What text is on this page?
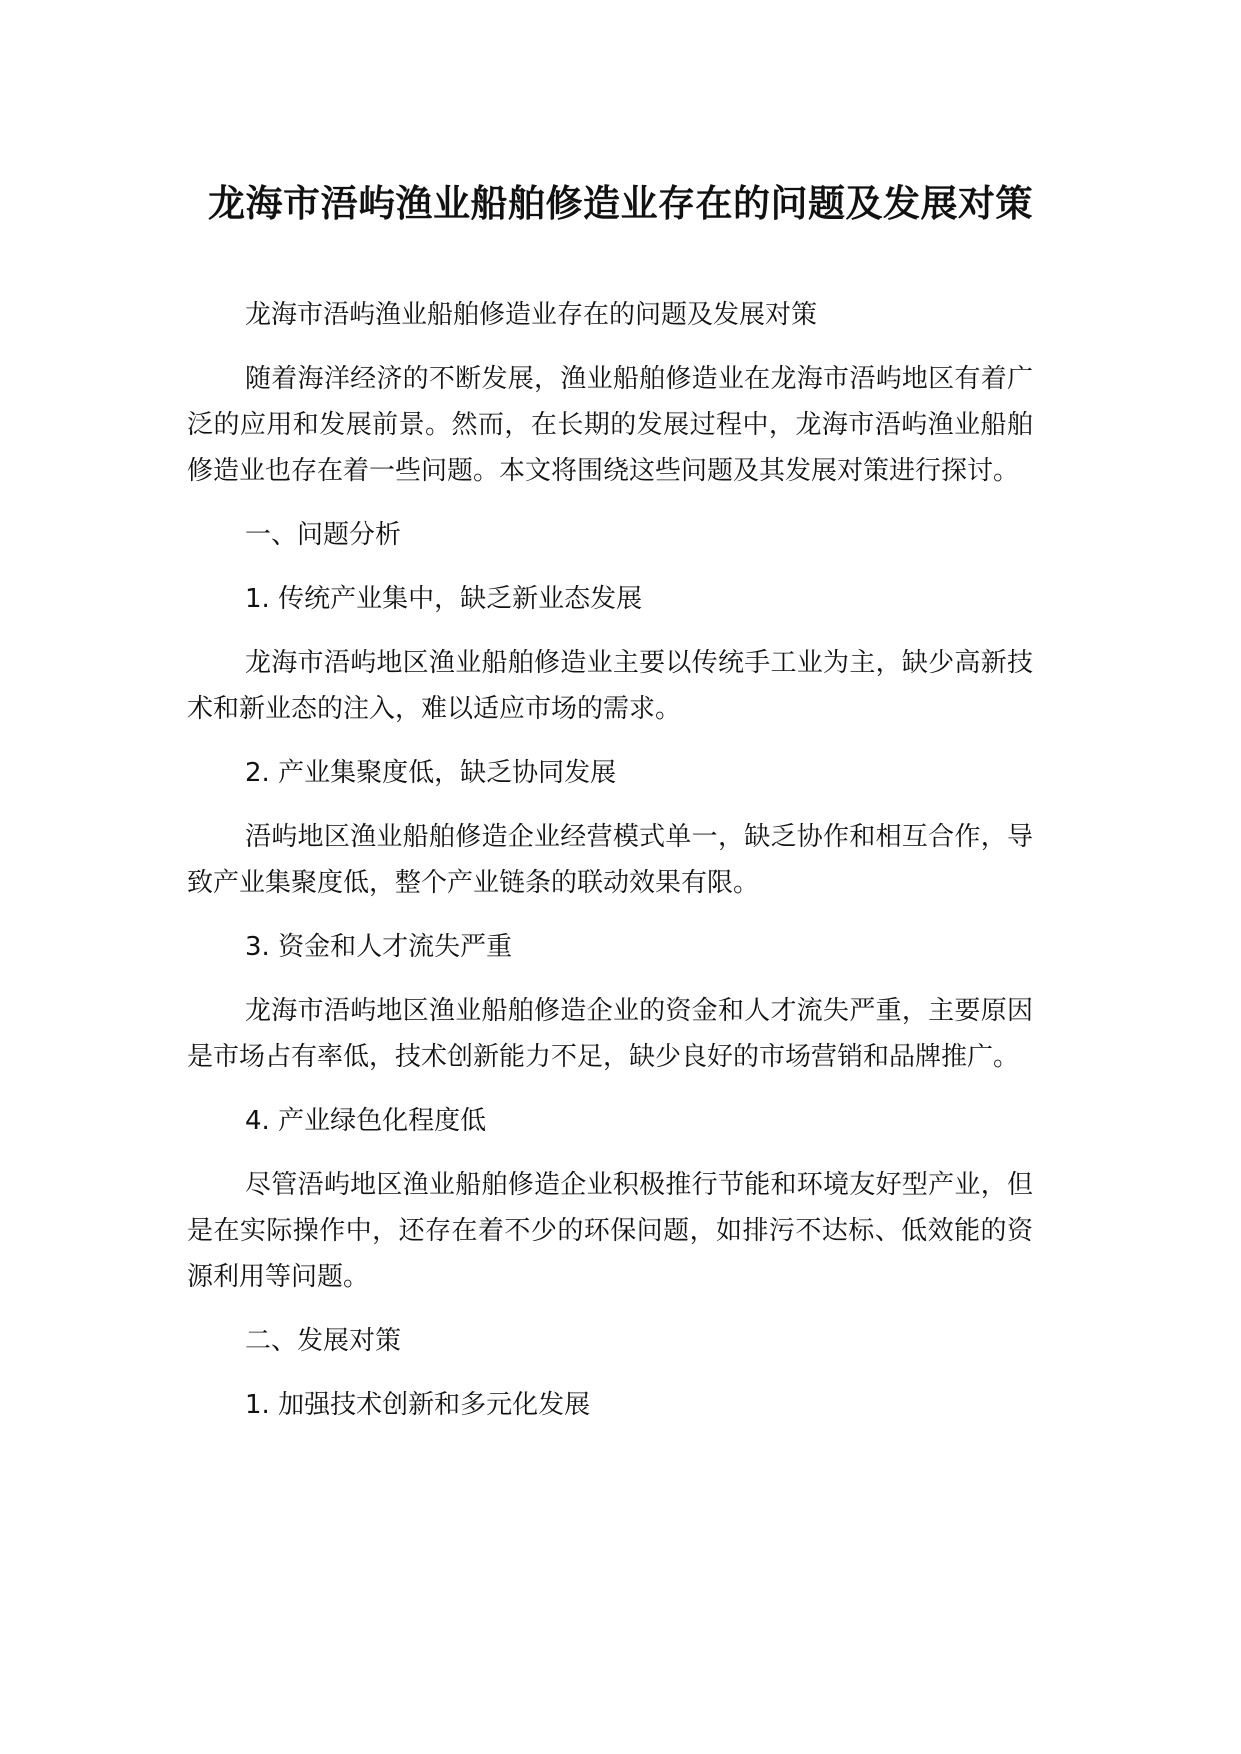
龙海市浯屿渔业船舶修造业存在的问题及发展对策

龙海市浯屿渔业船舶修造业存在的问题及发展对策

随着海洋经济的不断发展，渔业船舶修造业在龙海市浯屿地区有着广泛的应用和发展前景。然而，在长期的发展过程中，龙海市浯屿渔业船舶修造业也存在着一些问题。本文将围绕这些问题及其发展对策进行探讨。

一、问题分析

1. 传统产业集中，缺乏新业态发展

龙海市浯屿地区渔业船舶修造业主要以传统手工业为主，缺少高新技术和新业态的注入，难以适应市场的需求。

2. 产业集聚度低，缺乏协同发展

浯屿地区渔业船舶修造企业经营模式单一，缺乏协作和相互合作，导致产业集聚度低，整个产业链条的联动效果有限。

3. 资金和人才流失严重

龙海市浯屿地区渔业船舶修造企业的资金和人才流失严重，主要原因是市场占有率低，技术创新能力不足，缺少良好的市场营销和品牌推广。

4. 产业绿色化程度低

尽管浯屿地区渔业船舶修造企业积极推行节能和环境友好型产业，但是在实际操作中，还存在着不少的环保问题，如排污不达标、低效能的资源利用等问题。

二、发展对策

1. 加强技术创新和多元化发展
